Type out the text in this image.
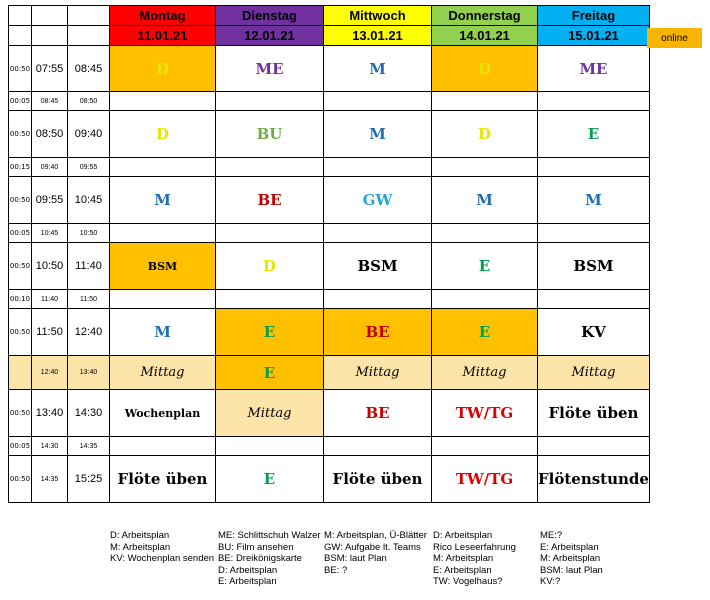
			Montag	Dienstag	Mittwoch	Donnerstag	Freitag
			11.01.21	12.01.21	13.01.21	14.01.21	15.01.21
00:50	07:55	08:45	D	ME	M	D	ME
00:05	08:45	08:50					
00:50	08:50	09:40	D	BU	M	D	E
00:15	09:40	09:55					
00:50	09:55	10:45	M	BE	GW	M	M
00:05	10:45	10:50					
00:50	10:50	11:40	BSM	D	BSM	E	BSM
00:10	11:40	11:50					
00:50	11:50	12:40	M	E	BE	E	KV
	12:40	13:40	Mittag	E	Mittag	Mittag	Mittag
00:50	13:40	14:30	Wochenplan	Mittag	BE	TW/TG	Flöte üben
00:05	14:30	14:35					
00:50	14:35	15:25	Flöte üben	E	Flöte üben	TW/TG	Flötenstunde
online
D: Arbeitsplan
M: Arbeitsplan
KV: Wochenplan senden
ME: Schlittschuh Walzer
BU: Film ansehen
BE: Dreikönigskarte
D: Arbeitsplan
E: Arbeitsplan
M: Arbeitsplan, Ü-Blätter
GW: Aufgabe lt. Teams
BSM: laut Plan
BE: ?
D: Arbeitsplan
Rico Leseerfahrung
M: Arbeitsplan
E: Arbeitsplan
TW: Vogelhaus?
ME:?
E: Arbeitsplan
M: Arbeitsplan
BSM: laut Plan
KV:?
